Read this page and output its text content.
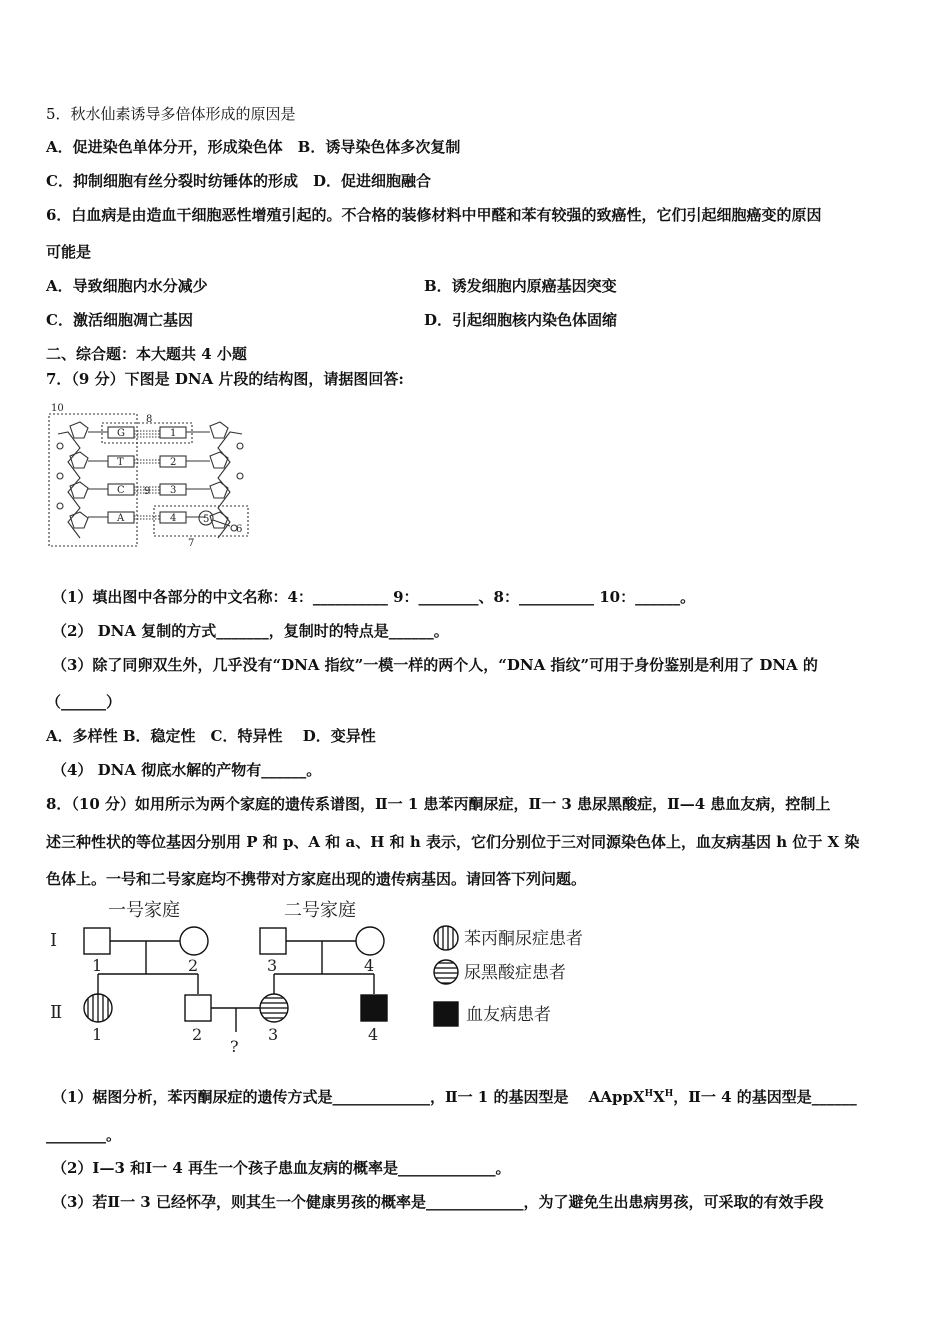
5．秋水仙素诱导多倍体形成的原因是
A．促进染色单体分开，形成染色体　B．诱导染色体多次复制
C．抑制细胞有丝分裂时纺锤体的形成　D．促进细胞融合
6．白血病是由造血干细胞恶性增殖引起的。不合格的装修材料中甲醛和苯有较强的致癌性，它们引起细胞癌变的原因
可能是
A．导致细胞内水分减少	B．诱发细胞内原癌基因突变
C．激活细胞凋亡基因	D．引起细胞核内染色体固缩
二、综合题：本大题共 4 小题
7．（9 分）下图是 DNA 片段的结构图，请据图回答:
10
8
9
5
6
7
G
T
C
A
1
2
3
4
（1）填出图中各部分的中文名称：4：__________ 9：________、8：__________ 10：______。
（2） DNA 复制的方式_______，复制时的特点是______。
（3）除了同卵双生外，几乎没有“DNA 指纹”一模一样的两个人，“DNA 指纹”可用于身份鉴别是利用了 DNA 的
（______）
A．多样性 B．稳定性　C．特异性　 D．变异性
（4） DNA 彻底水解的产物有______。
8．（10 分）如用所示为两个家庭的遗传系谱图，Ⅱ一 1 患苯丙酮尿症，Ⅱ一 3 患尿黑酸症，Ⅱ—4 患血友病，控制上
述三种性状的等位基因分别用 P 和 p、A 和 a、H 和 h 表示，它们分别位于三对同源染色体上，血友病基因 h 位于 X 染
色体上。一号和二号家庭均不携带对方家庭出现的遗传病基因。请回答下列问题。
一号家庭	二号家庭
Ⅰ
Ⅱ
1	2	3	4
1	2	3	4
?
苯丙酮尿症患者
尿黑酸症患者
血友病患者
（1）椐图分析，苯丙酮尿症的遗传方式是_____________，Ⅱ一 1 的基因型是　 $AAppX^HX^H$，Ⅱ一 4 的基因型是______
________。
（2）Ⅰ—3 和Ⅰ一 4 再生一个孩子患血友病的概率是_____________。
（3）若Ⅱ一 3 已经怀孕，则其生一个健康男孩的概率是_____________，为了避免生出患病男孩，可采取的有效手段
